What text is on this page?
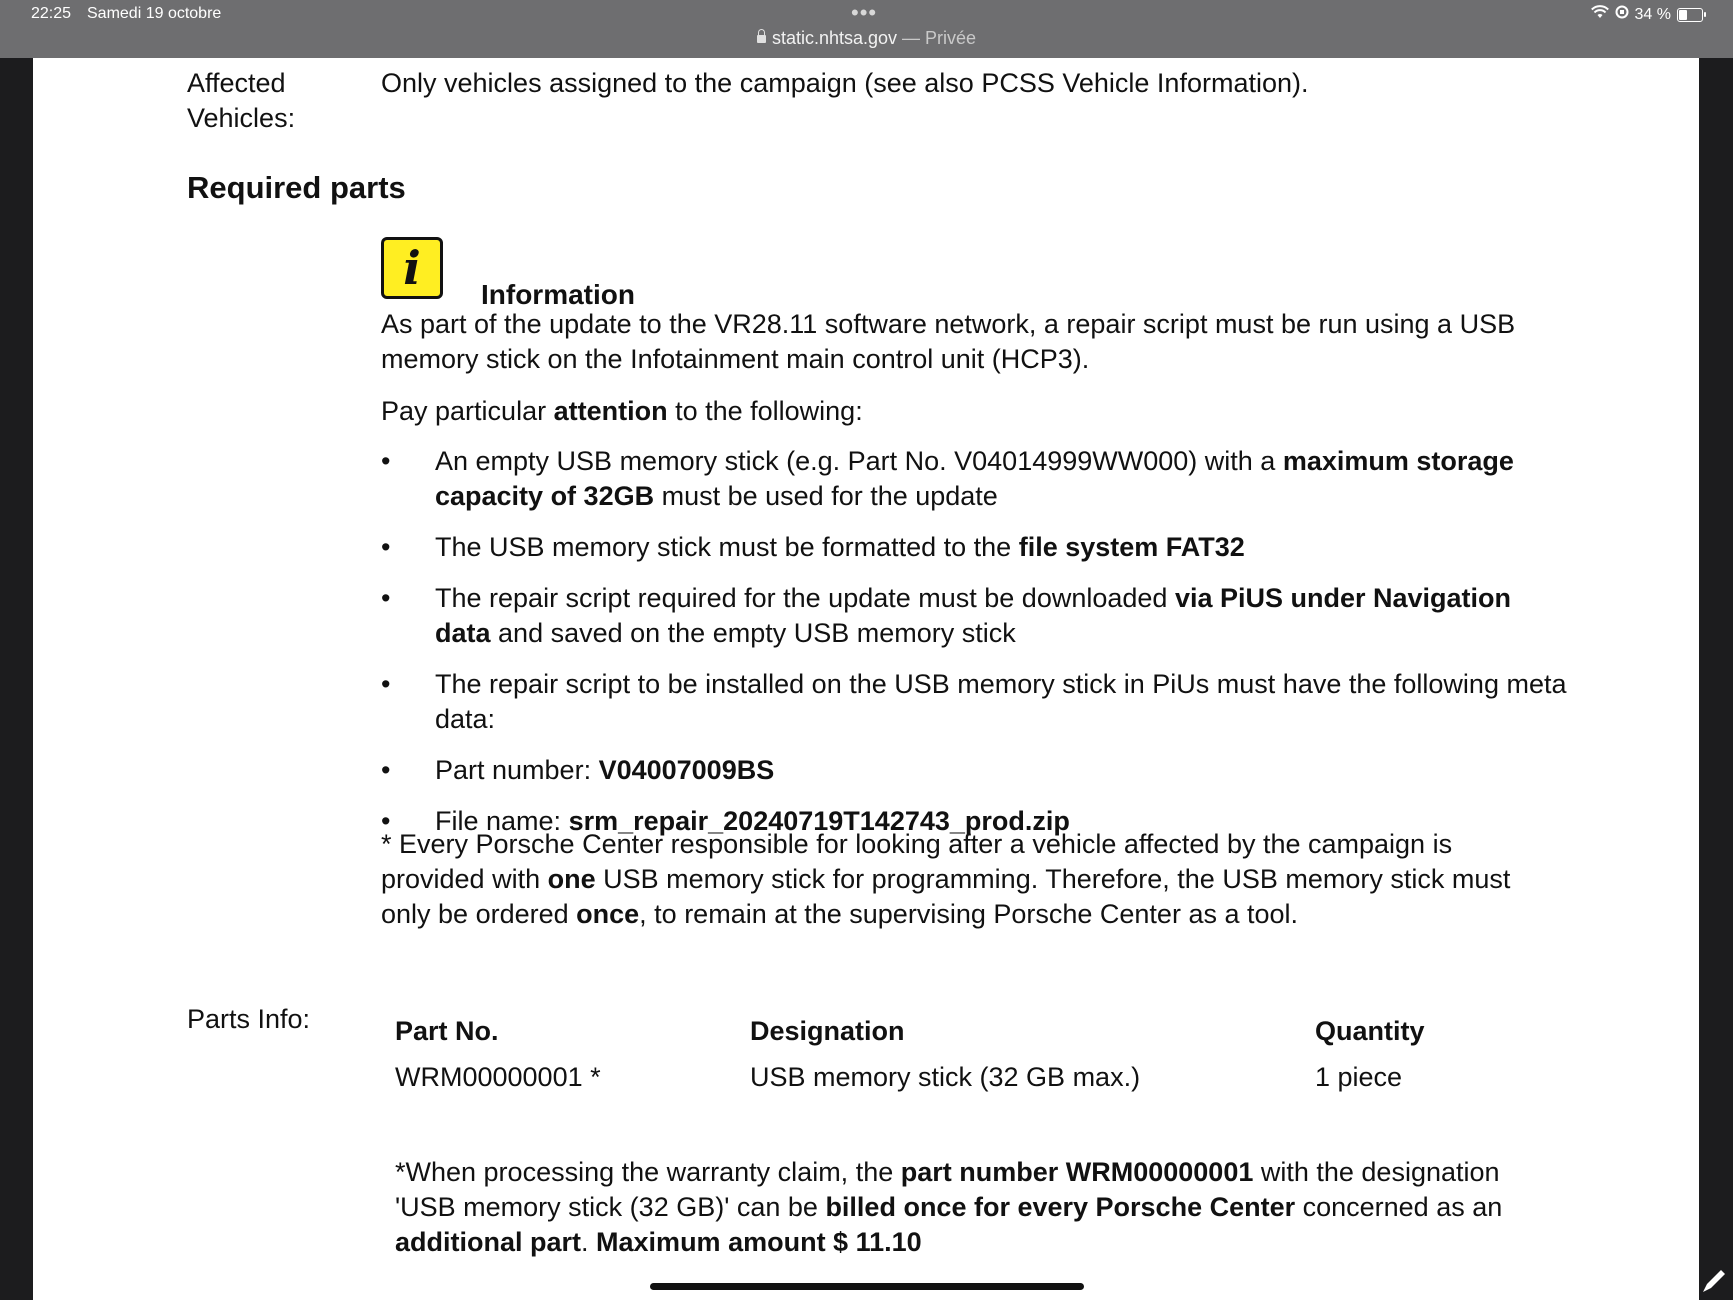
22:25 Samedi 19 octobre	•••
static.nhtsa.gov — Privée
34 %
Affected Vehicles:
Only vehicles assigned to the campaign (see also PCSS Vehicle Information).
Required parts
i	Information
As part of the update to the VR28.11 software network, a repair script must be run using a USB memory stick on the Infotainment main control unit (HCP3).
Pay particular attention to the following:
• An empty USB memory stick (e.g. Part No. V04014999WW000) with a maximum storage capacity of 32GB must be used for the update
• The USB memory stick must be formatted to the file system FAT32
• The repair script required for the update must be downloaded via PiUS under Navigation data and saved on the empty USB memory stick
• The repair script to be installed on the USB memory stick in PiUs must have the following meta data:
• Part number: V04007009BS
• File name: srm_repair_20240719T142743_prod.zip
* Every Porsche Center responsible for looking after a vehicle affected by the campaign is provided with one USB memory stick for programming. Therefore, the USB memory stick must only be ordered once, to remain at the supervising Porsche Center as a tool.
Parts Info:	Part No.	Designation	Quantity
WRM00000001 *	USB memory stick (32 GB max.)	1 piece
*When processing the warranty claim, the part number WRM00000001 with the designation 'USB memory stick (32 GB)' can be billed once for every Porsche Center concerned as an additional part. Maximum amount $ 11.10
